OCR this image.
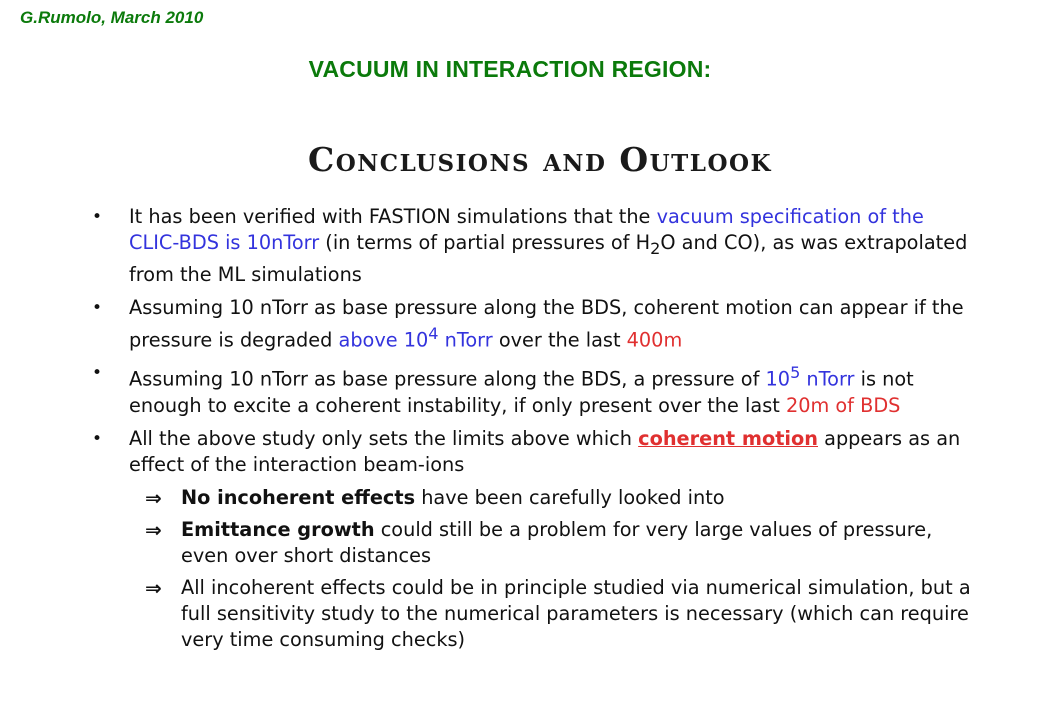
G.Rumolo, March 2010
VACUUM IN INTERACTION REGION:
Conclusions and Outlook
• It has been verified with FASTION simulations that the vacuum specification of the CLIC-BDS is 10nTorr (in terms of partial pressures of $H_2O$ and CO), as was extrapolated from the ML simulations
• Assuming 10 nTorr as base pressure along the BDS, coherent motion can appear if the pressure is degraded above $10^4$ nTorr over the last 400m
• Assuming 10 nTorr as base pressure along the BDS, a pressure of $10^5$ nTorr is not enough to excite a coherent instability, if only present over the last 20m of BDS
• All the above study only sets the limits above which coherent motion appears as an effect of the interaction beam-ions
⇒ No incoherent effects have been carefully looked into
⇒ Emittance growth could still be a problem for very large values of pressure, even over short distances
⇒ All incoherent effects could be in principle studied via numerical simulation, but a full sensitivity study to the numerical parameters is necessary (which can require very time consuming checks)
